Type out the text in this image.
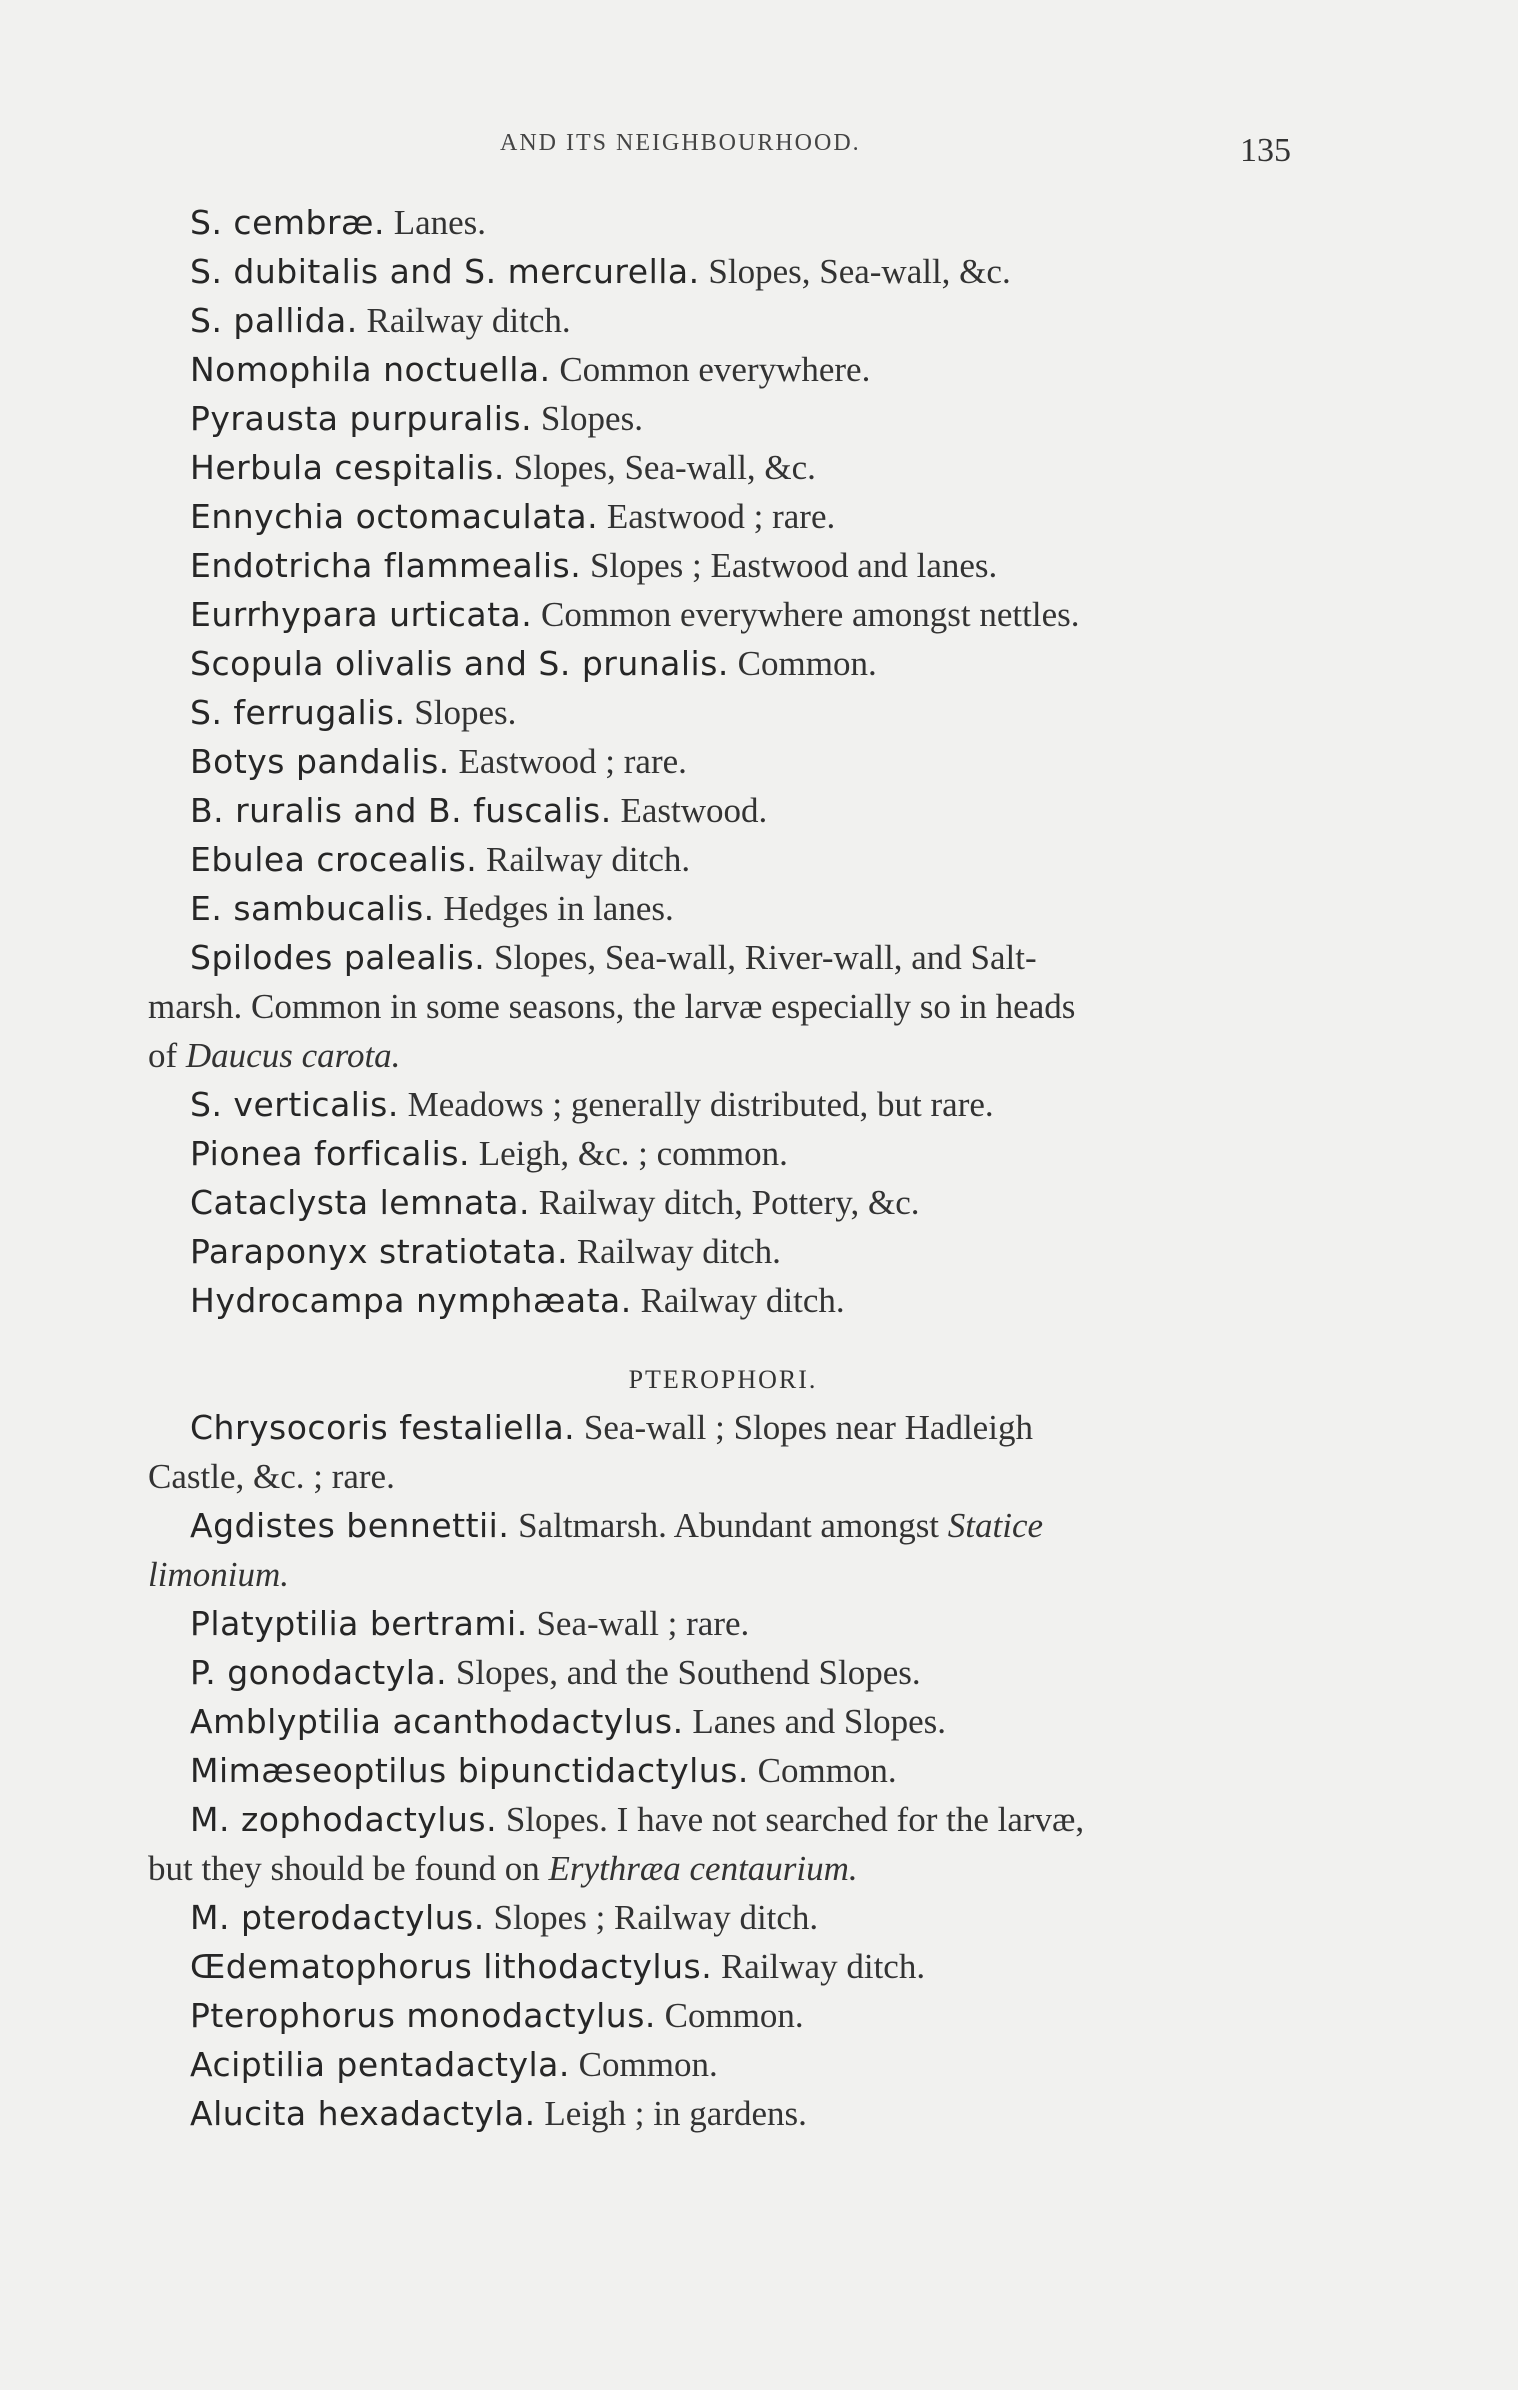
AND ITS NEIGHBOURHOOD.	135

S. cembræ. Lanes.

S. dubitalis and S. mercurella. Slopes, Sea-wall, &c.

S. pallida. Railway ditch.

Nomophila noctuella. Common everywhere.

Pyrausta purpuralis. Slopes.

Herbula cespitalis. Slopes, Sea-wall, &c.

Ennychia octomaculata. Eastwood ; rare.

Endotricha flammealis. Slopes ; Eastwood and lanes.

Eurrhypara urticata. Common everywhere amongst nettles.

Scopula olivalis and S. prunalis. Common.

S. ferrugalis. Slopes.

Botys pandalis. Eastwood ; rare.

B. ruralis and B. fuscalis. Eastwood.

Ebulea crocealis. Railway ditch.

E. sambucalis. Hedges in lanes.

Spilodes palealis. Slopes, Sea-wall, River-wall, and Salt-
marsh. Common in some seasons, the larvæ especially so in heads
of Daucus carota.

S. verticalis. Meadows ; generally distributed, but rare.

Pionea forficalis. Leigh, &c. ; common.

Cataclysta lemnata. Railway ditch, Pottery, &c.

Paraponyx stratiotata. Railway ditch.

Hydrocampa nymphæata. Railway ditch.

PTEROPHORI.

Chrysocoris festaliella. Sea-wall ; Slopes near Hadleigh
Castle, &c. ; rare.

Agdistes bennettii. Saltmarsh. Abundant amongst Statice
limonium.

Platyptilia bertrami. Sea-wall ; rare.

P. gonodactyla. Slopes, and the Southend Slopes.

Amblyptilia acanthodactylus. Lanes and Slopes.

Mimæseoptilus bipunctidactylus. Common.

M. zophodactylus. Slopes. I have not searched for the larvæ,
but they should be found on Erythræa centaurium.

M. pterodactylus. Slopes ; Railway ditch.

Œdematophorus lithodactylus. Railway ditch.

Pterophorus monodactylus. Common.

Aciptilia pentadactyla. Common.

Alucita hexadactyla. Leigh ; in gardens.
